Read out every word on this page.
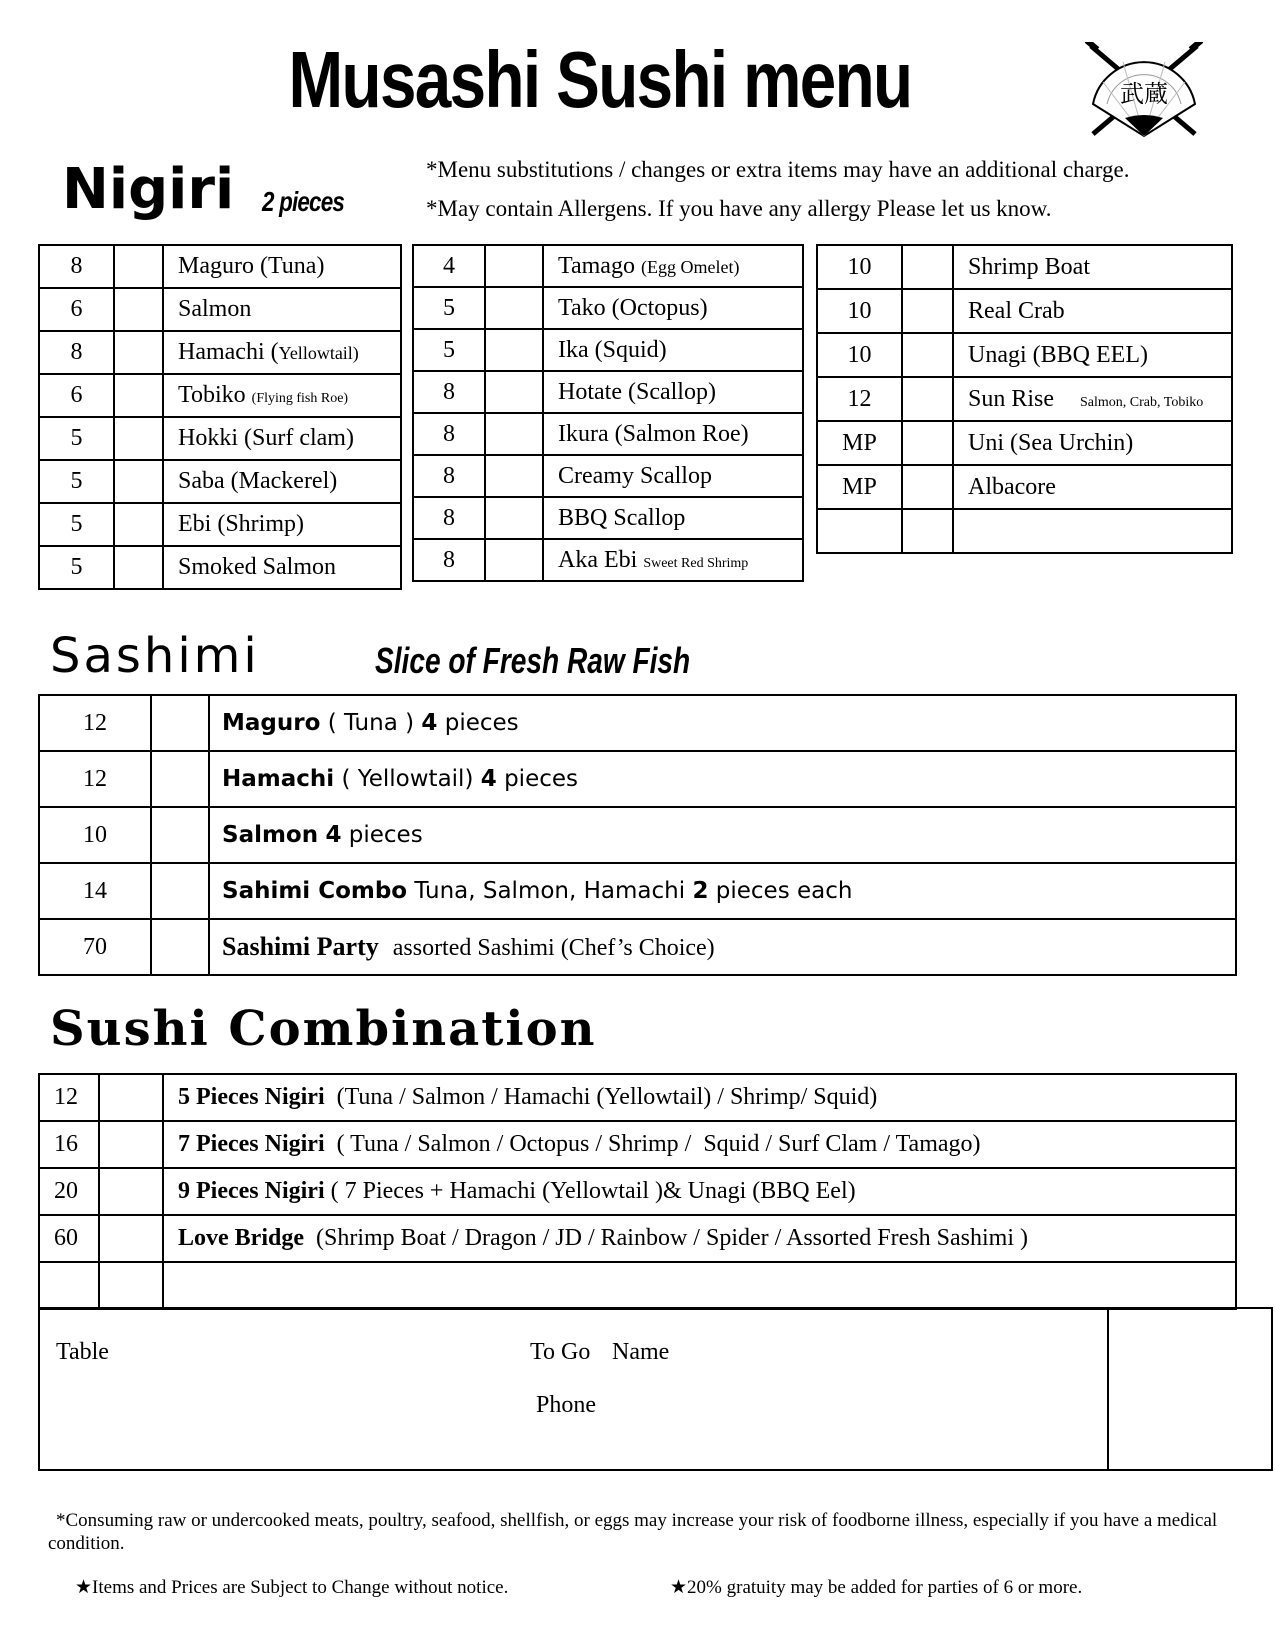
Musashi Sushi menu	武蔵
Nigiri 2 pieces
*Menu substitutions / changes or extra items may have an additional charge.
*May contain Allergens. If you have any allergy Please let us know.
8		Maguro (Tuna)
6		Salmon
8		Hamachi (Yellowtail)
6		Tobiko (Flying fish Roe)
5		Hokki (Surf clam)
5		Saba (Mackerel)
5		Ebi (Shrimp)
5		Smoked Salmon
4		Tamago (Egg Omelet)
5		Tako (Octopus)
5		Ika (Squid)
8		Hotate (Scallop)
8		Ikura (Salmon Roe)
8		Creamy Scallop
8		BBQ Scallop
8		Aka Ebi Sweet Red Shrimp
10		Shrimp Boat
10		Real Crab
10		Unagi (BBQ EEL)
12		Sun Rise Salmon, Crab, Tobiko
MP		Uni (Sea Urchin)
MP		Albacore

Sashimi	Slice of Fresh Raw Fish
12		Maguro ( Tuna ) 4 pieces
12		Hamachi ( Yellowtail) 4 pieces
10		Salmon 4 pieces
14		Sahimi Combo Tuna, Salmon, Hamachi 2 pieces each
70		Sashimi Party assorted Sashimi (Chef’s Choice)
Sushi Combination
12		5 Pieces Nigiri  (Tuna / Salmon / Hamachi (Yellowtail) / Shrimp/ Squid)
16		7 Pieces Nigiri  ( Tuna / Salmon / Octopus / Shrimp /  Squid / Surf Clam / Tamago)
20		9 Pieces Nigiri ( 7 Pieces + Hamachi (Yellowtail )& Unagi (BBQ Eel)
60		Love Bridge  (Shrimp Boat / Dragon / JD / Rainbow / Spider / Assorted Fresh Sashimi )

Table	To Go Name
Phone
*Consuming raw or undercooked meats, poultry, seafood, shellfish, or eggs may increase your risk of foodborne illness, especially if you have a medical condition.
★Items and Prices are Subject to Change without notice.	★20% gratuity may be added for parties of 6 or more.
